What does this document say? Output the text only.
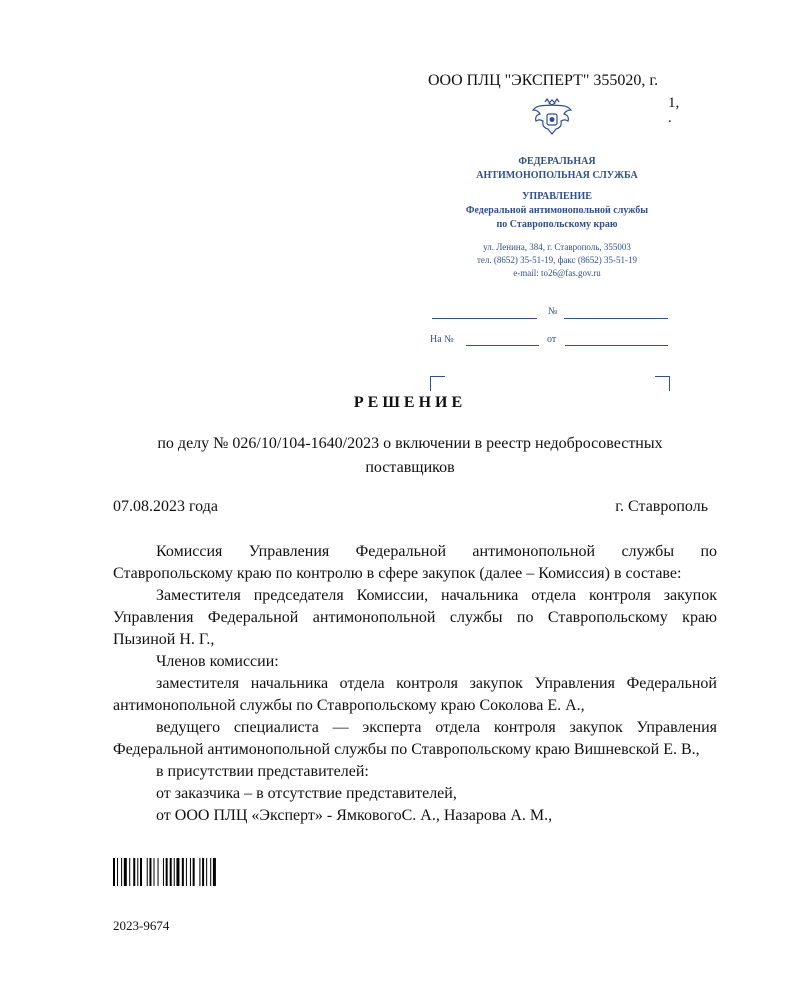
ООО ПЛЦ "ЭКСПЕРТ" 355020, г.
1,
.
ФЕДЕРАЛЬНАЯ
АНТИМОНОПОЛЬНАЯ СЛУЖБА
УПРАВЛЕНИЕ
Федеральной антимонопольной службы
по Ставропольскому краю
ул. Ленина, 384, г. Ставрополь, 355003
тел. (8652) 35-51-19, факс (8652) 35-51-19
e-mail: to26@fas.gov.ru
№
На №	от
РЕШЕНИЕ
по делу № 026/10/104-1640/2023 о включении в реестр недобросовестных поставщиков
07.08.2023 года	г. Ставрополь
Комиссия Управления Федеральной антимонопольной службы по Ставропольскому краю по контролю в сфере закупок (далее – Комиссия) в составе:
Заместителя председателя Комиссии, начальника отдела контроля закупок Управления Федеральной антимонопольной службы по Ставропольскому краю Пызиной Н. Г.,
Членов комиссии:
заместителя начальника отдела контроля закупок Управления Федеральной антимонопольной службы по Ставропольскому краю Соколова Е. А.,
ведущего специалиста — эксперта отдела контроля закупок Управления Федеральной антимонопольной службы по Ставропольскому краю Вишневской Е. В.,
в присутствии представителей:
от заказчика – в отсутствие представителей,
от ООО ПЛЦ «Эксперт» - ЯмковогоС. А., Назарова А. М.,
2023-9674
